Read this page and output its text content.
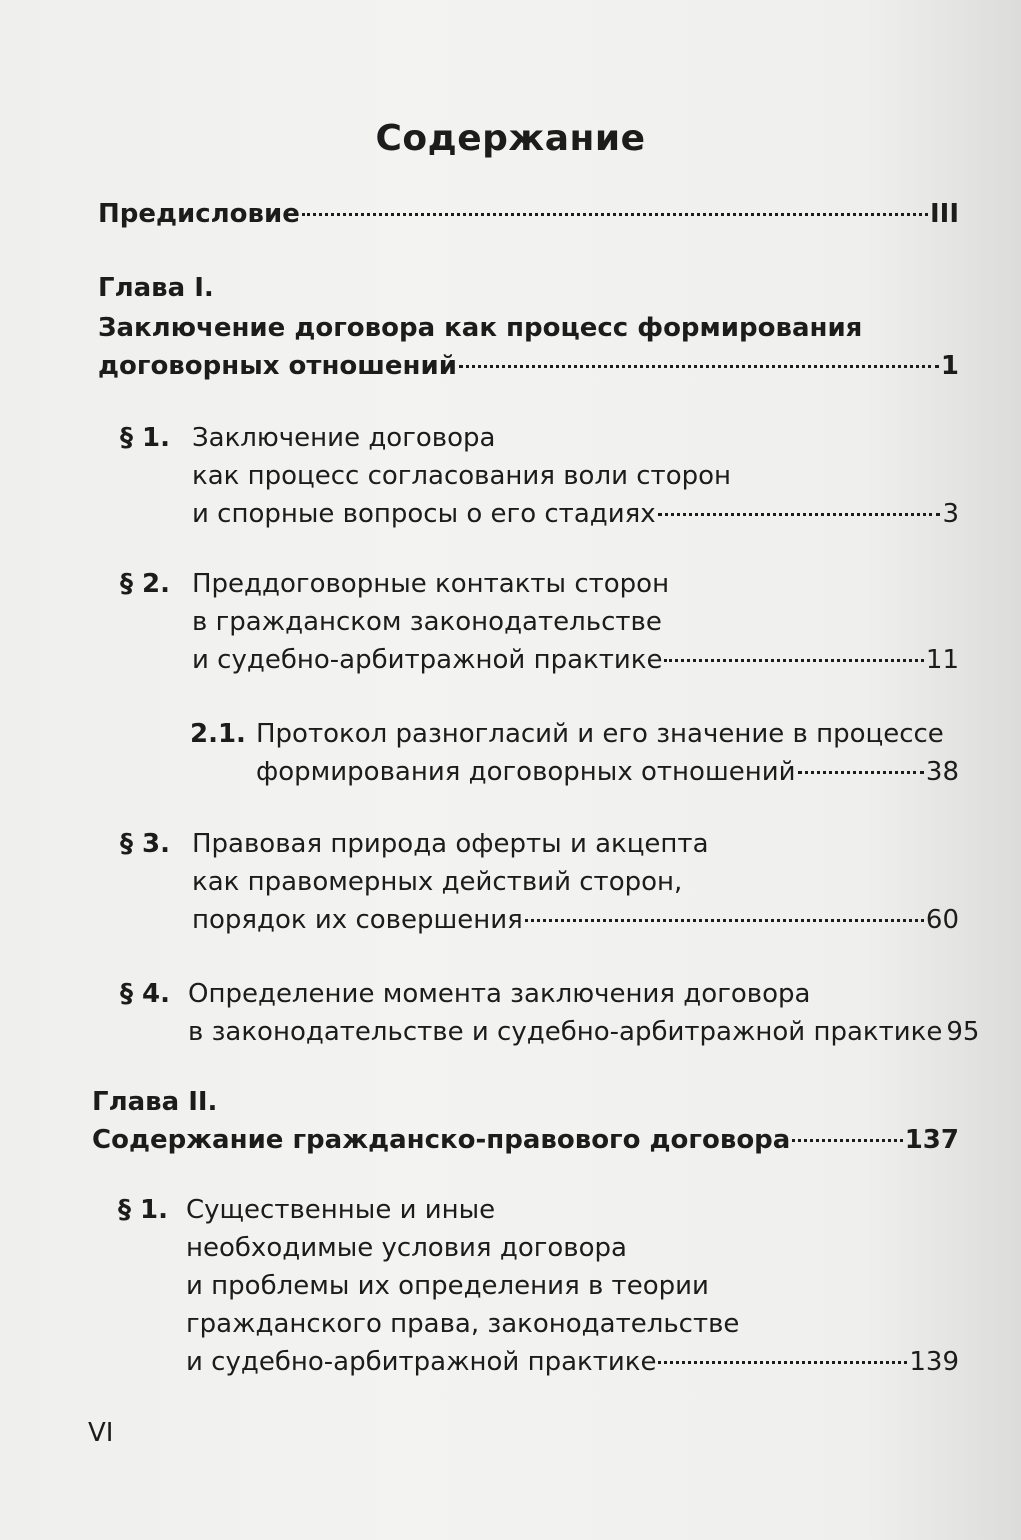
Содержание
Предисловие	III
Глава I.
Заключение договора как процесс формирования
договорных отношений	1
§ 1. Заключение договора
как процесс согласования воли сторон
и спорные вопросы о его стадиях	3
§ 2. Преддоговорные контакты сторон
в гражданском законодательстве
и судебно-арбитражной практике	11
2.1. Протокол разногласий и его значение в процессе
формирования договорных отношений	38
§ 3. Правовая природа оферты и акцепта
как правомерных действий сторон,
порядок их совершения	60
§ 4. Определение момента заключения договора
в законодательстве и судебно-арбитражной практике 95
Глава II.
Содержание гражданско-правового договора	137
§ 1. Существенные и иные
необходимые условия договора
и проблемы их определения в теории
гражданского права, законодательстве
и судебно-арбитражной практике	139
VI
